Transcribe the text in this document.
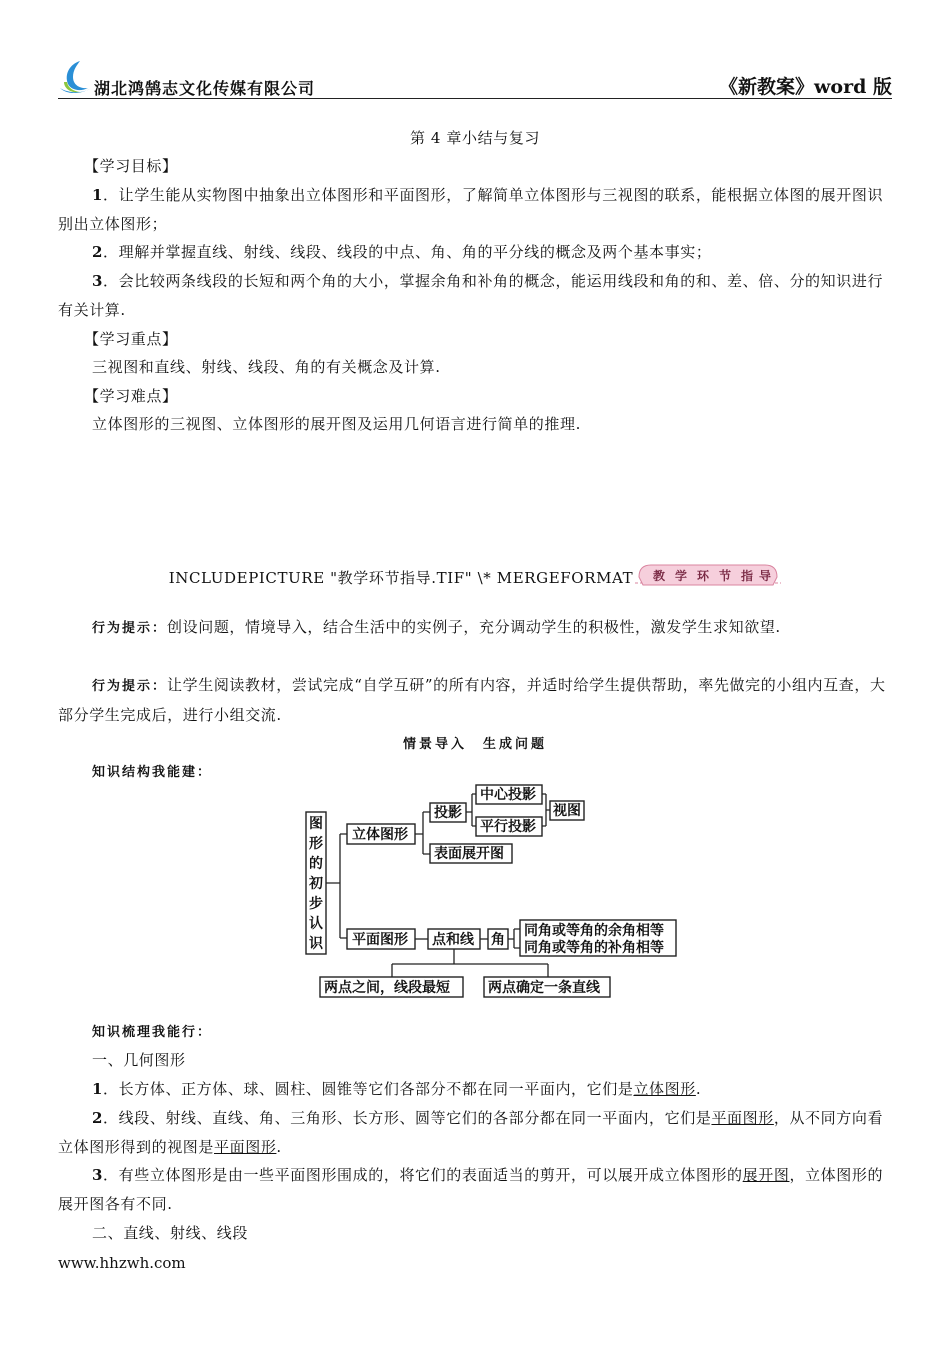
湖北鸿鹄志文化传媒有限公司	《新教案》word 版

第 4 章小结与复习

【学习目标】

1．让学生能从实物图中抽象出立体图形和平面图形，了解简单立体图形与三视图的联系，能根据立体图的展开图识别出立体图形；

2．理解并掌握直线、射线、线段、线段的中点、角、角的平分线的概念及两个基本事实；

3．会比较两条线段的长短和两个角的大小，掌握余角和补角的概念，能运用线段和角的和、差、倍、分的知识进行有关计算.

【学习重点】

三视图和直线、射线、线段、角的有关概念及计算.

【学习难点】

立体图形的三视图、立体图形的展开图及运用几何语言进行简单的推理.

INCLUDEPICTURE "教学环节指导.TIF" \* MERGEFORMAT 教 学 环 节 指 导

行为提示：创设问题，情境导入，结合生活中的实例子，充分调动学生的积极性，激发学生求知欲望.

行为提示：让学生阅读教材，尝试完成“自学互研”的所有内容，并适时给学生提供帮助，率先做完的小组内互查，大部分学生完成后，进行小组交流.

情景导入　生成问题

知识结构我能建：

图
形
的
初
步
认
识
立体图形
投影
中心投影
平行投影
视图
表面展开图
平面图形 点和线 角
同角或等角的余角相等
同角或等角的补角相等
两点之间，线段最短	两点确定一条直线

知识梳理我能行：

一、几何图形

1．长方体、正方体、球、圆柱、圆锥等它们各部分不都在同一平面内，它们是立体图形.

2．线段、射线、直线、角、三角形、长方形、圆等它们的各部分都在同一平面内，它们是平面图形，从不同方向看立体图形得到的视图是平面图形.

3．有些立体图形是由一些平面图形围成的，将它们的表面适当的剪开，可以展开成立体图形的展开图，立体图形的展开图各有不同.

二、直线、射线、线段

www.hhzwh.com
